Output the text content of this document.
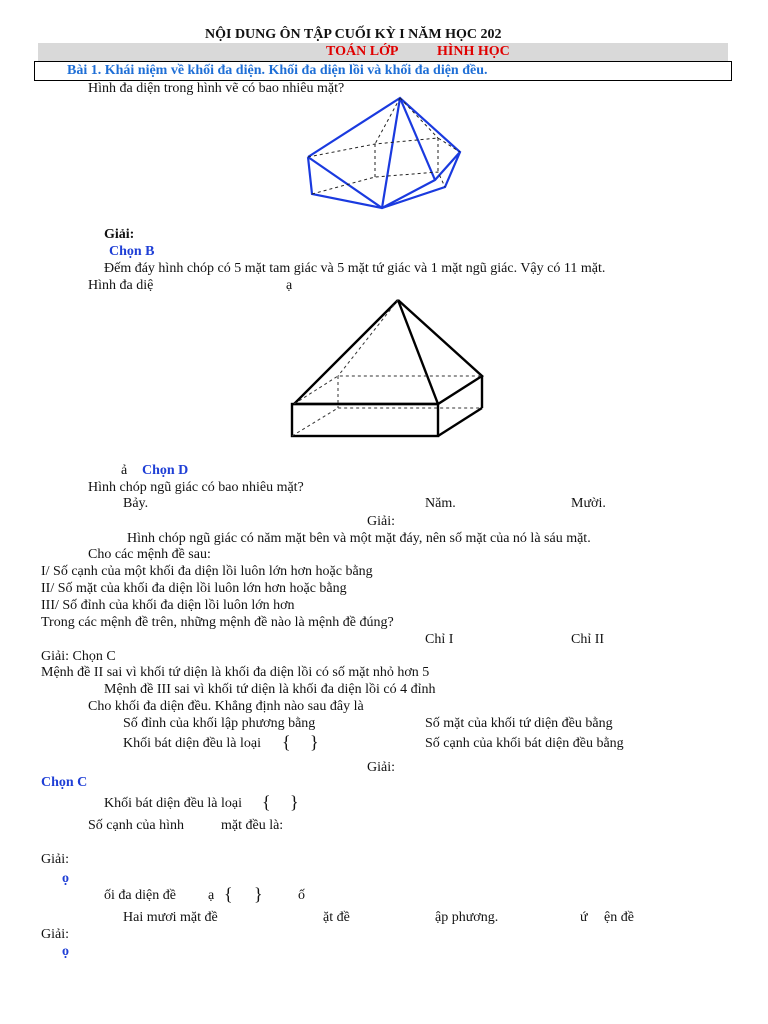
NỘI DUNG ÔN TẬP CUỐI KỲ I NĂM HỌC 202
TOÁN LỚP	HÌNH HỌC
Bài 1. Khái niệm về khối đa diện. Khối đa diện lồi và khối đa diện đều.
Hình đa diện trong hình vẽ có bao nhiêu mặt?
Giải:
Chọn B
Đếm đáy hình chóp có 5 mặt tam giác và 5 mặt tứ giác và 1 mặt ngũ giác. Vậy có 11 mặt.
Hình đa diệ	ạ
ả Chọn D
Hình chóp ngũ giác có bao nhiêu mặt?
Bảy.	Năm.	Mười.
Giải:
Hình chóp ngũ giác có năm mặt bên và một mặt đáy, nên số mặt của nó là sáu mặt.
Cho các mệnh đề sau:
I/ Số cạnh của một khối đa diện lồi luôn lớn hơn hoặc bằng
II/ Số mặt của khối đa diện lồi luôn lớn hơn hoặc bằng
III/ Số đỉnh của khối đa diện lồi luôn lớn hơn
Trong các mệnh đề trên, những mệnh đề nào là mệnh đề đúng?
Chỉ I	Chỉ II
Giải: Chọn C
Mệnh đề II sai vì khối tứ diện là khối đa diện lồi có số mặt nhỏ hơn 5
Mệnh đề III sai vì khối tứ diện là khối đa diện lồi có 4 đỉnh
Cho khối đa diện đều. Khẳng định nào sau đây là
Số đỉnh của khối lập phương bằng	Số mặt của khối tứ diện đều bằng
Khối bát diện đều là loại { }	Số cạnh của khối bát diện đều bằng
Giải:
Chọn C
Khối bát diện đều là loại { }
Số cạnh của hình	mặt đều là:
Giải:
ọ
ối đa diện đề ạ { }	ố
Hai mươi mặt đề	ặt đề	ập phương.	ứ ện đề
Giải:
ọ
